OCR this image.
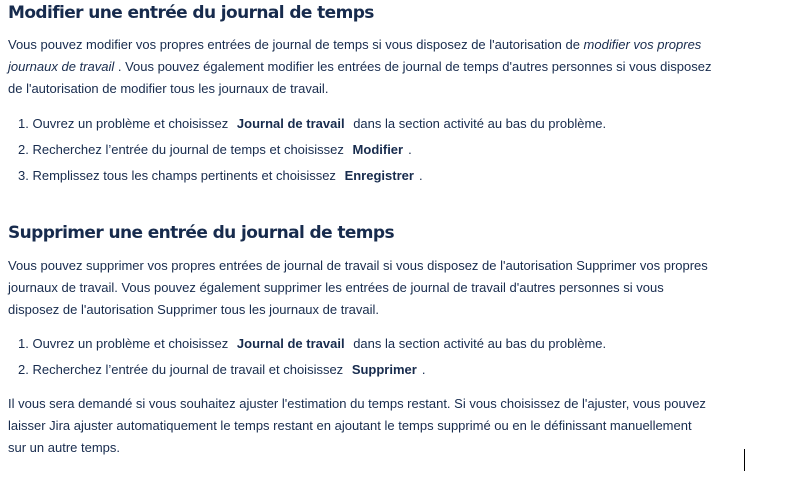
Modifier une entrée du journal de temps

Vous pouvez modifier vos propres entrées de journal de temps si vous disposez de l'autorisation de modifier vos propres journaux de travail . Vous pouvez également modifier les entrées de journal de temps d'autres personnes si vous disposez de l'autorisation de modifier tous les journaux de travail.

1. Ouvrez un problème et choisissez Journal de travail dans la section activité au bas du problème.
2. Recherchez l’entrée du journal de temps et choisissez Modifier .
3. Remplissez tous les champs pertinents et choisissez Enregistrer .
Supprimer une entrée du journal de temps

Vous pouvez supprimer vos propres entrées de journal de travail si vous disposez de l'autorisation Supprimer vos propres journaux de travail. Vous pouvez également supprimer les entrées de journal de travail d'autres personnes si vous disposez de l'autorisation Supprimer tous les journaux de travail.

1. Ouvrez un problème et choisissez Journal de travail dans la section activité au bas du problème.
2. Recherchez l’entrée du journal de travail et choisissez Supprimer .

Il vous sera demandé si vous souhaitez ajuster l'estimation du temps restant. Si vous choisissez de l'ajuster, vous pouvez laisser Jira ajuster automatiquement le temps restant en ajoutant le temps supprimé ou en le définissant manuellement sur un autre temps.
